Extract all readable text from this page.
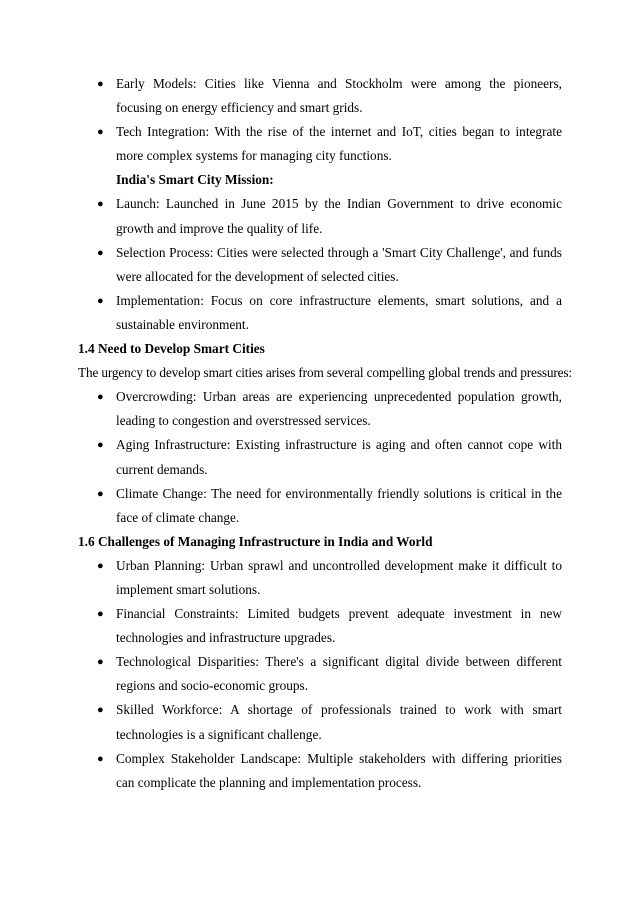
● Early Models: Cities like Vienna and Stockholm were among the pioneers, focusing on energy efficiency and smart grids.
● Tech Integration: With the rise of the internet and IoT, cities began to integrate more complex systems for managing city functions.
India's Smart City Mission:
● Launch: Launched in June 2015 by the Indian Government to drive economic growth and improve the quality of life.
● Selection Process: Cities were selected through a 'Smart City Challenge', and funds were allocated for the development of selected cities.
● Implementation: Focus on core infrastructure elements, smart solutions, and a sustainable environment.
1.4 Need to Develop Smart Cities
The urgency to develop smart cities arises from several compelling global trends and pressures:
● Overcrowding: Urban areas are experiencing unprecedented population growth, leading to congestion and overstressed services.
● Aging Infrastructure: Existing infrastructure is aging and often cannot cope with current demands.
● Climate Change: The need for environmentally friendly solutions is critical in the face of climate change.
1.6 Challenges of Managing Infrastructure in India and World
● Urban Planning: Urban sprawl and uncontrolled development make it difficult to implement smart solutions.
● Financial Constraints: Limited budgets prevent adequate investment in new technologies and infrastructure upgrades.
● Technological Disparities: There's a significant digital divide between different regions and socio-economic groups.
● Skilled Workforce: A shortage of professionals trained to work with smart technologies is a significant challenge.
● Complex Stakeholder Landscape: Multiple stakeholders with differing priorities can complicate the planning and implementation process.
